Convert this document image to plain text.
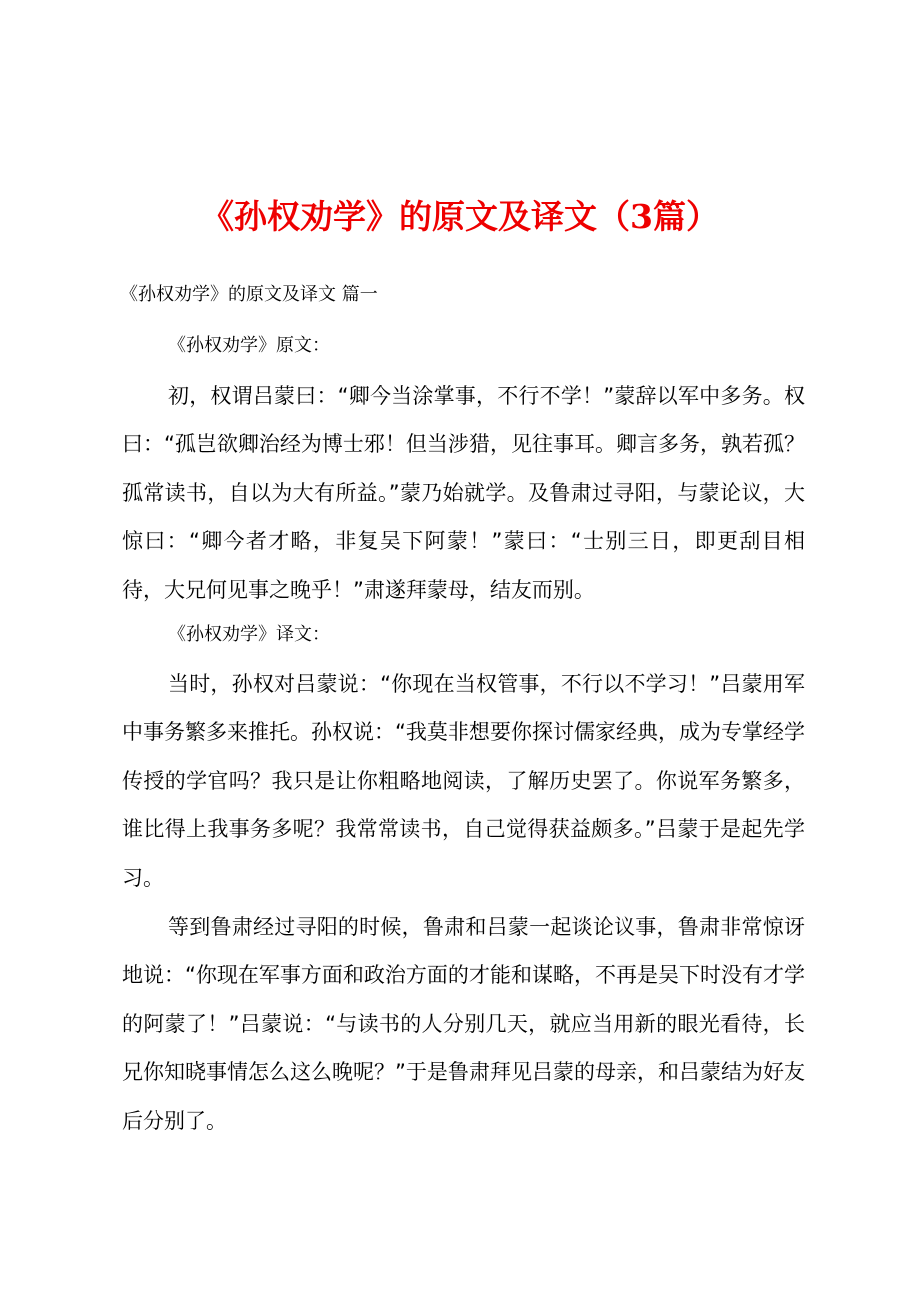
《孙权劝学》的原文及译文（3篇）

《孙权劝学》的原文及译文 篇一

《孙权劝学》原文：

初，权谓吕蒙曰：“卿今当涂掌事，不行不学！”蒙辞以军中多务。权曰：“孤岂欲卿治经为博士邪！但当涉猎，见往事耳。卿言多务，孰若孤？孤常读书，自以为大有所益。”蒙乃始就学。及鲁肃过寻阳，与蒙论议，大惊曰：“卿今者才略，非复吴下阿蒙！”蒙曰：“士别三日，即更刮目相待，大兄何见事之晚乎！”肃遂拜蒙母，结友而别。

《孙权劝学》译文：

当时，孙权对吕蒙说：“你现在当权管事，不行以不学习！”吕蒙用军中事务繁多来推托。孙权说：“我莫非想要你探讨儒家经典，成为专掌经学传授的学官吗？我只是让你粗略地阅读，了解历史罢了。你说军务繁多，谁比得上我事务多呢？我常常读书，自己觉得获益颇多。”吕蒙于是起先学习。

等到鲁肃经过寻阳的时候，鲁肃和吕蒙一起谈论议事，鲁肃非常惊讶地说：“你现在军事方面和政治方面的才能和谋略，不再是吴下时没有才学的阿蒙了！”吕蒙说：“与读书的人分别几天，就应当用新的眼光看待，长兄你知晓事情怎么这么晚呢？”于是鲁肃拜见吕蒙的母亲，和吕蒙结为好友后分别了。
